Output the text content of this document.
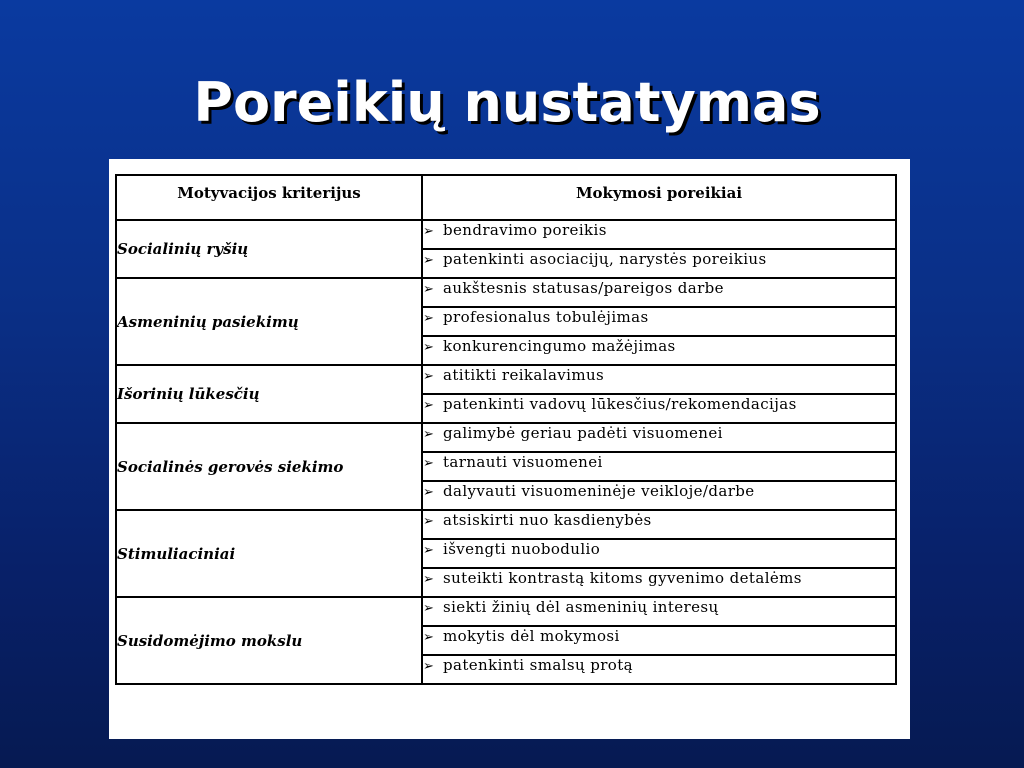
Poreikių nustatymas
Motyvacijos kriterijus	Mokymosi poreikiai
Socialinių ryšių	➢ bendravimo poreikis
	➢ patenkinti asociacijų, narystės poreikius
Asmeninių pasiekimų	➢ aukštesnis statusas/pareigos darbe
	➢ profesionalus tobulėjimas
	➢ konkurencingumo mažėjimas
Išorinių lūkesčių	➢ atitikti reikalavimus
	➢ patenkinti vadovų lūkesčius/rekomendacijas
Socialinės gerovės siekimo	➢ galimybė geriau padėti visuomenei
	➢ tarnauti visuomenei
	➢ dalyvauti visuomeninėje veikloje/darbe
Stimuliaciniai	➢ atsiskirti nuo kasdienybės
	➢ išvengti nuobodulio
	➢ suteikti kontrastą kitoms gyvenimo detalėms
Susidomėjimo mokslu	➢ siekti žinių dėl asmeninių interesų
	➢ mokytis dėl mokymosi
	➢ patenkinti smalsų protą
